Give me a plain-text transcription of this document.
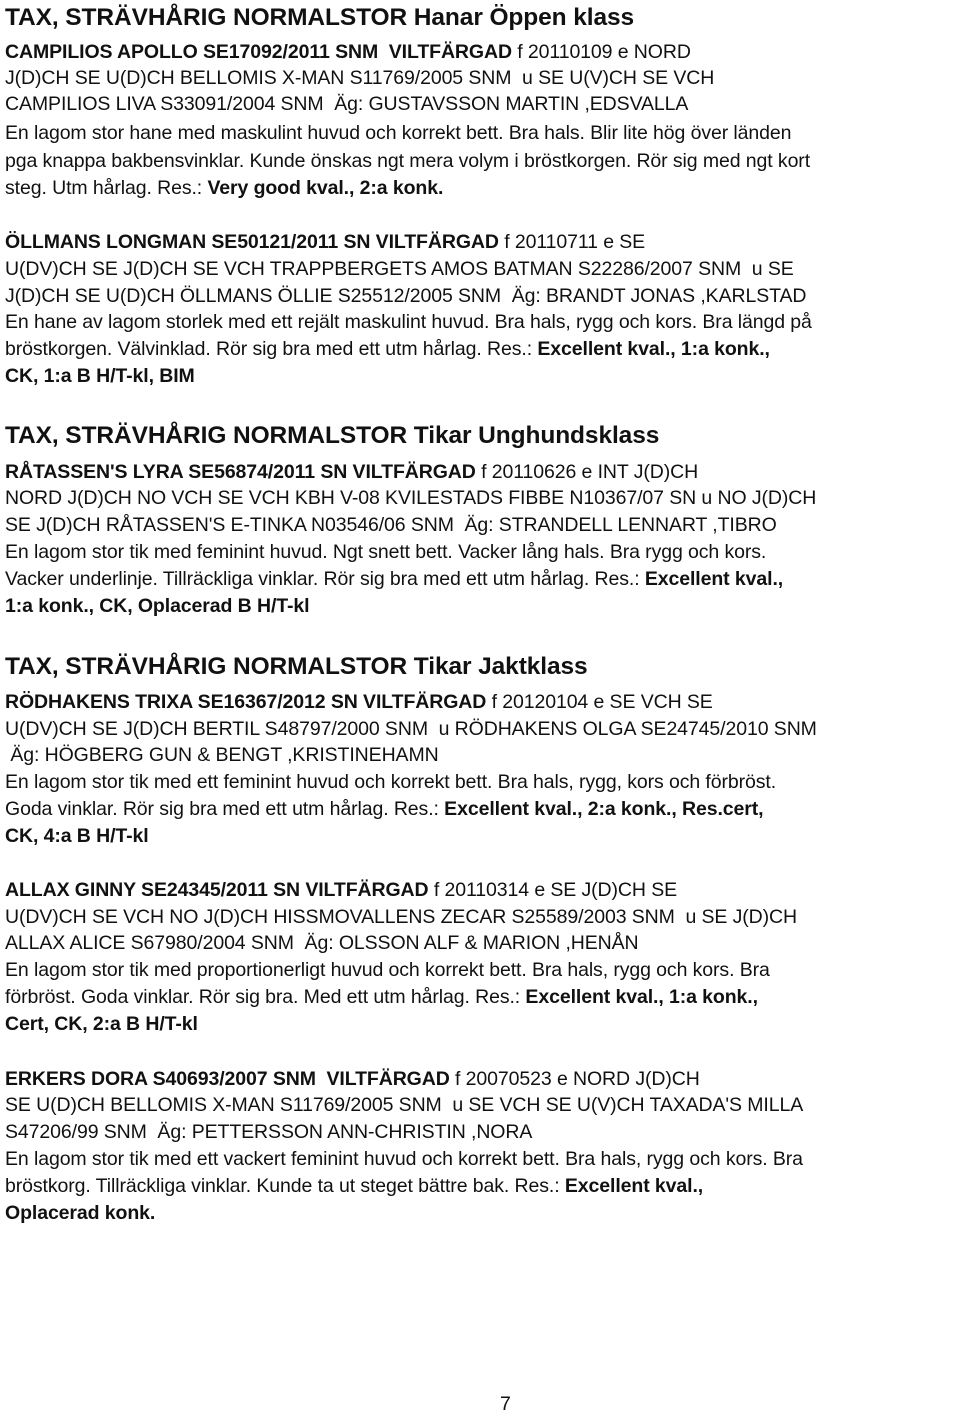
TAX, STRÄVHÅRIG NORMALSTOR Hanar Öppen klass
CAMPILIOS APOLLO SE17092/2011 SNM  VILTFÄRGAD f 20110109 e NORD
J(D)CH SE U(D)CH BELLOMIS X-MAN S11769/2005 SNM  u SE U(V)CH SE VCH
CAMPILIOS LIVA S33091/2004 SNM  Äg: GUSTAVSSON MARTIN ,EDSVALLA
En lagom stor hane med maskulint huvud och korrekt bett. Bra hals. Blir lite hög över länden
pga knappa bakbensvinklar. Kunde önskas ngt mera volym i bröstkorgen. Rör sig med ngt kort
steg. Utm hårlag. Res.: Very good kval., 2:a konk.
ÖLLMANS LONGMAN SE50121/2011 SN VILTFÄRGAD f 20110711 e SE
U(DV)CH SE J(D)CH SE VCH TRAPPBERGETS AMOS BATMAN S22286/2007 SNM  u SE
J(D)CH SE U(D)CH ÖLLMANS ÖLLIE S25512/2005 SNM  Äg: BRANDT JONAS ,KARLSTAD
En hane av lagom storlek med ett rejält maskulint huvud. Bra hals, rygg och kors. Bra längd på
bröstkorgen. Välvinklad. Rör sig bra med ett utm hårlag. Res.: Excellent kval., 1:a konk.,
CK, 1:a B H/T-kl, BIM
TAX, STRÄVHÅRIG NORMALSTOR Tikar Unghundsklass
RÅTASSEN'S LYRA SE56874/2011 SN VILTFÄRGAD f 20110626 e INT J(D)CH
NORD J(D)CH NO VCH SE VCH KBH V-08 KVILESTADS FIBBE N10367/07 SN u NO J(D)CH
SE J(D)CH RÅTASSEN'S E-TINKA N03546/06 SNM  Äg: STRANDELL LENNART ,TIBRO
En lagom stor tik med feminint huvud. Ngt snett bett. Vacker lång hals. Bra rygg och kors.
Vacker underlinje. Tillräckliga vinklar. Rör sig bra med ett utm hårlag. Res.: Excellent kval.,
1:a konk., CK, Oplacerad B H/T-kl
TAX, STRÄVHÅRIG NORMALSTOR Tikar Jaktklass
RÖDHAKENS TRIXA SE16367/2012 SN VILTFÄRGAD f 20120104 e SE VCH SE
U(DV)CH SE J(D)CH BERTIL S48797/2000 SNM  u RÖDHAKENS OLGA SE24745/2010 SNM
Äg: HÖGBERG GUN & BENGT ,KRISTINEHAMN
En lagom stor tik med ett feminint huvud och korrekt bett. Bra hals, rygg, kors och förbröst.
Goda vinklar. Rör sig bra med ett utm hårlag. Res.: Excellent kval., 2:a konk., Res.cert,
CK, 4:a B H/T-kl
ALLAX GINNY SE24345/2011 SN VILTFÄRGAD f 20110314 e SE J(D)CH SE
U(DV)CH SE VCH NO J(D)CH HISSMOVALLENS ZECAR S25589/2003 SNM  u SE J(D)CH
ALLAX ALICE S67980/2004 SNM  Äg: OLSSON ALF & MARION ,HENÅN
En lagom stor tik med proportionerligt huvud och korrekt bett. Bra hals, rygg och kors. Bra
förbröst. Goda vinklar. Rör sig bra. Med ett utm hårlag. Res.: Excellent kval., 1:a konk.,
Cert, CK, 2:a B H/T-kl
ERKERS DORA S40693/2007 SNM  VILTFÄRGAD f 20070523 e NORD J(D)CH
SE U(D)CH BELLOMIS X-MAN S11769/2005 SNM  u SE VCH SE U(V)CH TAXADA'S MILLA
S47206/99 SNM  Äg: PETTERSSON ANN-CHRISTIN ,NORA
En lagom stor tik med ett vackert feminint huvud och korrekt bett. Bra hals, rygg och kors. Bra
bröstkorg. Tillräckliga vinklar. Kunde ta ut steget bättre bak. Res.: Excellent kval.,
Oplacerad konk.
7
